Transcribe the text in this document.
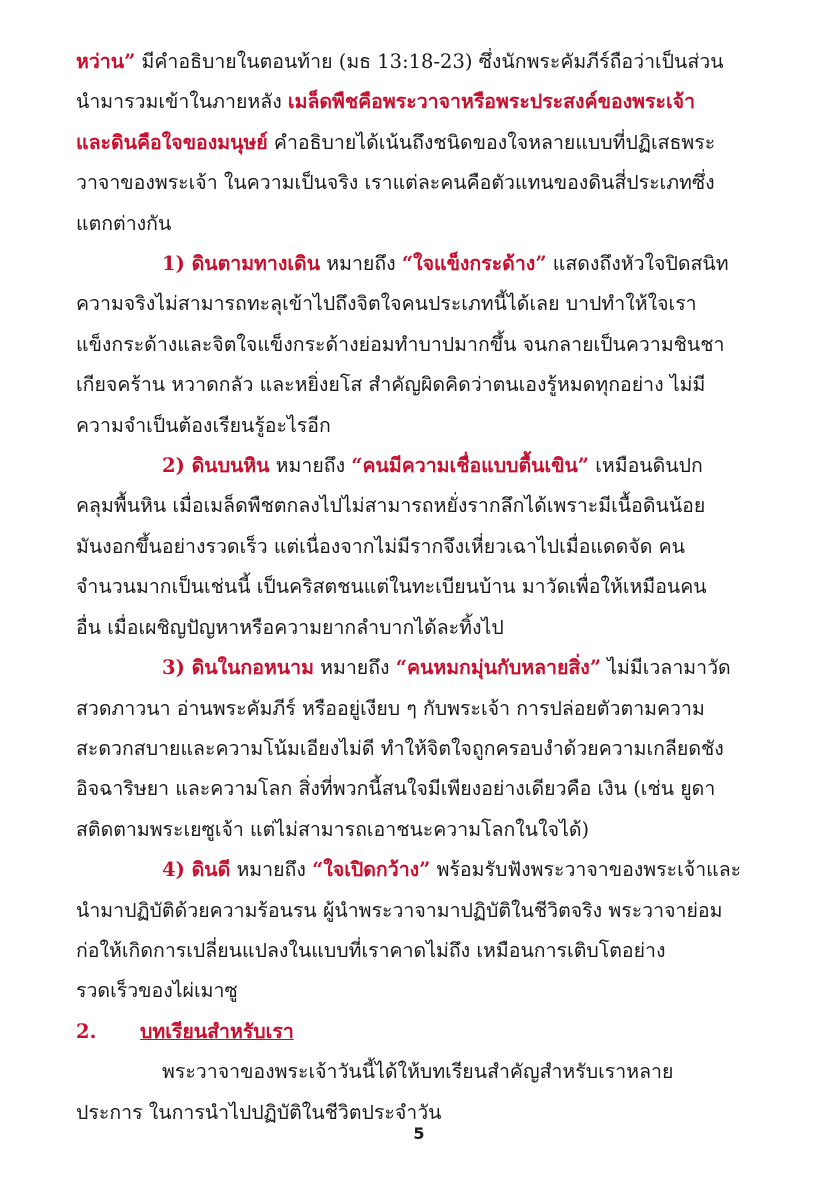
หว่าน” มีคำอธิบายในตอนท้าย (มธ 13:18-23) ซึ่งนักพระคัมภีร์ถือว่าเป็นส่วน
นำมารวมเข้าในภายหลัง เมล็ดพืชคือพระวาจาหรือพระประสงค์ของพระเจ้า
และดินคือใจของมนุษย์ คำอธิบายได้เน้นถึงชนิดของใจหลายแบบที่ปฏิเสธพระ
วาจาของพระเจ้า ในความเป็นจริง เราแต่ละคนคือตัวแทนของดินสี่ประเภทซึ่ง
แตกต่างกัน
1) ดินตามทางเดิน หมายถึง “ใจแข็งกระด้าง” แสดงถึงหัวใจปิดสนิท
ความจริงไม่สามารถทะลุเข้าไปถึงจิตใจคนประเภทนี้ได้เลย บาปทำให้ใจเรา
แข็งกระด้างและจิตใจแข็งกระด้างย่อมทำบาปมากขึ้น จนกลายเป็นความชินชา
เกียจคร้าน หวาดกลัว และหยิ่งยโส สำคัญผิดคิดว่าตนเองรู้หมดทุกอย่าง ไม่มี
ความจำเป็นต้องเรียนรู้อะไรอีก
2) ดินบนหิน หมายถึง “คนมีความเชื่อแบบตื้นเขิน” เหมือนดินปก
คลุมพื้นหิน เมื่อเมล็ดพืชตกลงไปไม่สามารถหยั่งรากลึกได้เพราะมีเนื้อดินน้อย
มันงอกขึ้นอย่างรวดเร็ว แต่เนื่องจากไม่มีรากจึงเหี่ยวเฉาไปเมื่อแดดจัด คน
จำนวนมากเป็นเช่นนี้ เป็นคริสตชนแต่ในทะเบียนบ้าน มาวัดเพื่อให้เหมือนคน
อื่น เมื่อเผชิญปัญหาหรือความยากลำบากได้ละทิ้งไป
3) ดินในกอหนาม หมายถึง “คนหมกมุ่นกับหลายสิ่ง” ไม่มีเวลามาวัด
สวดภาวนา อ่านพระคัมภีร์ หรืออยู่เงียบ ๆ กับพระเจ้า การปล่อยตัวตามความ
สะดวกสบายและความโน้มเอียงไม่ดี ทำให้จิตใจถูกครอบงำด้วยความเกลียดชัง
อิจฉาริษยา และความโลก สิ่งที่พวกนี้สนใจมีเพียงอย่างเดียวคือ เงิน (เช่น ยูดา
สติดตามพระเยซูเจ้า แต่ไม่สามารถเอาชนะความโลกในใจได้)
4) ดินดี หมายถึง “ใจเปิดกว้าง” พร้อมรับฟังพระวาจาของพระเจ้าและ
นำมาปฏิบัติด้วยความร้อนรน ผู้นำพระวาจามาปฏิบัติในชีวิตจริง พระวาจาย่อม
ก่อให้เกิดการเปลี่ยนแปลงในแบบที่เราคาดไม่ถึง เหมือนการเติบโตอย่าง
รวดเร็วของไผ่เมาซู
2.	บทเรียนสำหรับเรา
พระวาจาของพระเจ้าวันนี้ได้ให้บทเรียนสำคัญสำหรับเราหลาย
ประการ ในการนำไปปฏิบัติในชีวิตประจำวัน
5
